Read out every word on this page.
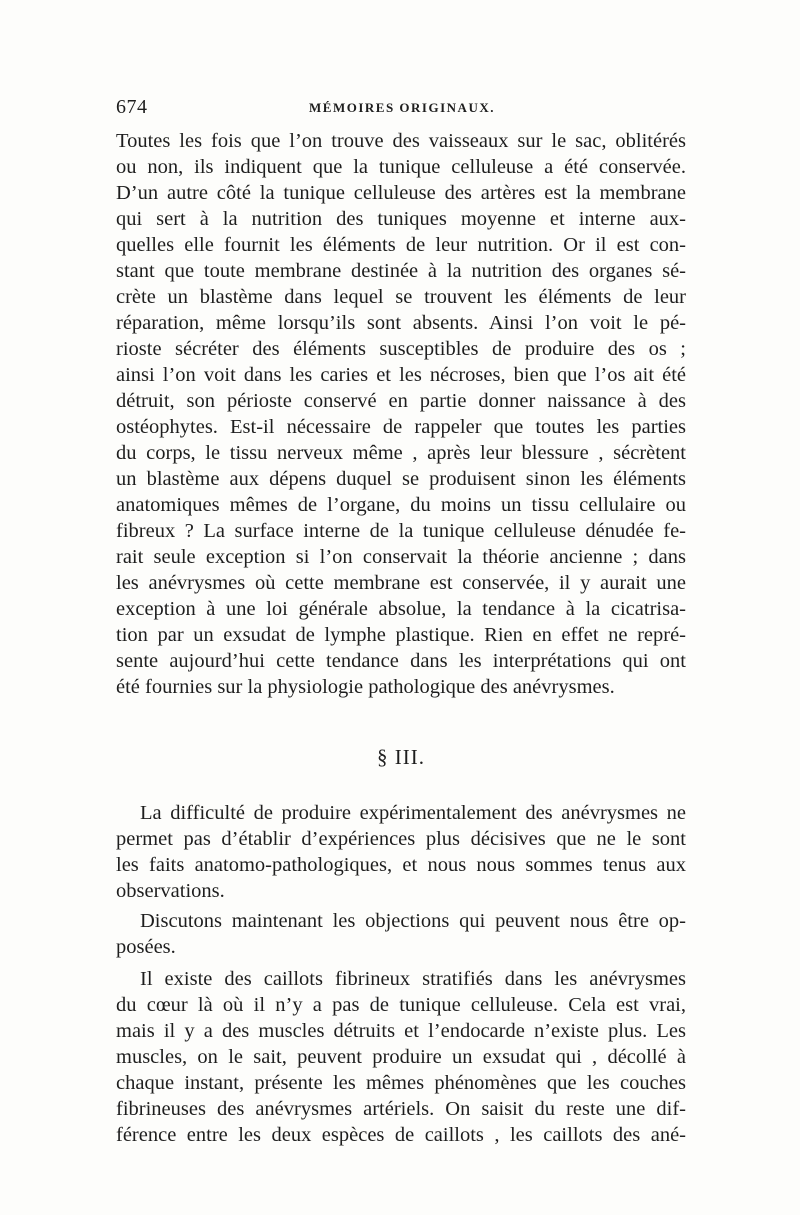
674	MÉMOIRES ORIGINAUX.
Toutes les fois que l’on trouve des vaisseaux sur le sac, oblitérés
ou non, ils indiquent que la tunique celluleuse a été conservée.
D’un autre côté la tunique celluleuse des artères est la membrane
qui sert à la nutrition des tuniques moyenne et interne aux-
quelles elle fournit les éléments de leur nutrition. Or il est con-
stant que toute membrane destinée à la nutrition des organes sé-
crète un blastème dans lequel se trouvent les éléments de leur
réparation, même lorsqu’ils sont absents. Ainsi l’on voit le pé-
rioste sécréter des éléments susceptibles de produire des os ;
ainsi l’on voit dans les caries et les nécroses, bien que l’os ait été
détruit, son périoste conservé en partie donner naissance à des
ostéophytes. Est-il nécessaire de rappeler que toutes les parties
du corps, le tissu nerveux même , après leur blessure , sécrètent
un blastème aux dépens duquel se produisent sinon les éléments
anatomiques mêmes de l’organe, du moins un tissu cellulaire ou
fibreux ? La surface interne de la tunique celluleuse dénudée fe-
rait seule exception si l’on conservait la théorie ancienne ; dans
les anévrysmes où cette membrane est conservée, il y aurait une
exception à une loi générale absolue, la tendance à la cicatrisa-
tion par un exsudat de lymphe plastique. Rien en effet ne repré-
sente aujourd’hui cette tendance dans les interprétations qui ont
été fournies sur la physiologie pathologique des anévrysmes.
§ III.
La difficulté de produire expérimentalement des anévrysmes ne
permet pas d’établir d’expériences plus décisives que ne le sont
les faits anatomo-pathologiques, et nous nous sommes tenus aux
observations.
Discutons maintenant les objections qui peuvent nous être op-
posées.
Il existe des caillots fibrineux stratifiés dans les anévrysmes
du cœur là où il n’y a pas de tunique celluleuse. Cela est vrai,
mais il y a des muscles détruits et l’endocarde n’existe plus. Les
muscles, on le sait, peuvent produire un exsudat qui , décollé à
chaque instant, présente les mêmes phénomènes que les couches
fibrineuses des anévrysmes artériels. On saisit du reste une dif-
férence entre les deux espèces de caillots , les caillots des ané-
